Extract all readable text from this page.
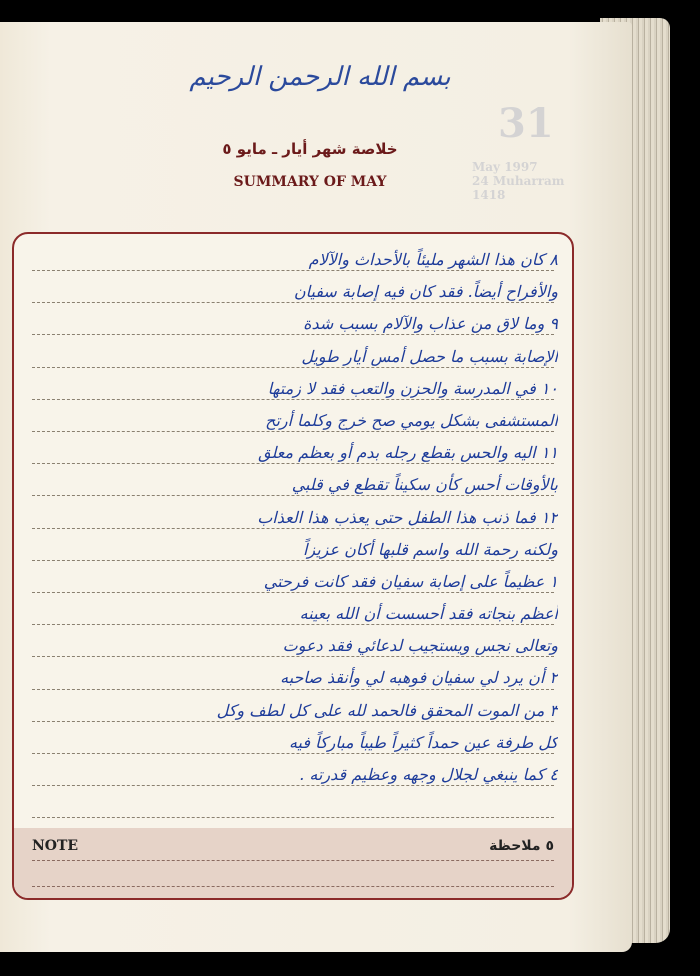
31
May 1997
24 Muharram 1418
بسم الله الرحمن الرحيم
خلاصة شهر أيار ـ مايو ٥
SUMMARY OF MAY
٨ كان هذا الشهر مليئاً بالأحداث والآلام
والأفراح أيضاً. فقد كان فيه إصابة سفيان
٩ وما لاق من عذاب والآلام بسبب شدة
الإصابة بسبب ما حصل أمس أيار طويل
١٠ في المدرسة والحزن والتعب فقد لا زمتها
المستشفى بشكل يومي صح خرج وكلما أرتح
١١ اليه والحس بقطع رجله بدم أو بعظم معلق
بالأوقات أحس كأن سكيناً تقطع في قلبي
١٢ فما ذنب هذا الطفل حتى يعذب هذا العذاب
ولكنه رحمة الله واسم قلبها أكان عزيزاً
١ عظيماً على إصابة سفيان فقد كانت فرحتي
أعظم بنجاته فقد أحسست أن الله بعينه
وتعالى نجس ويستجيب لدعائي فقد دعوت
٢ أن يرد لي سفيان فوهبه لي وأنقذ صاحبه
٣ من الموت المحقق فالحمد لله على كل لطف وكل
كل طرفة عين حمداً كثيراً طيباً مباركاً فيه
٤ كما ينبغي لجلال وجهه وعظيم قدرته .
NOTE	٥ ملاحظة
